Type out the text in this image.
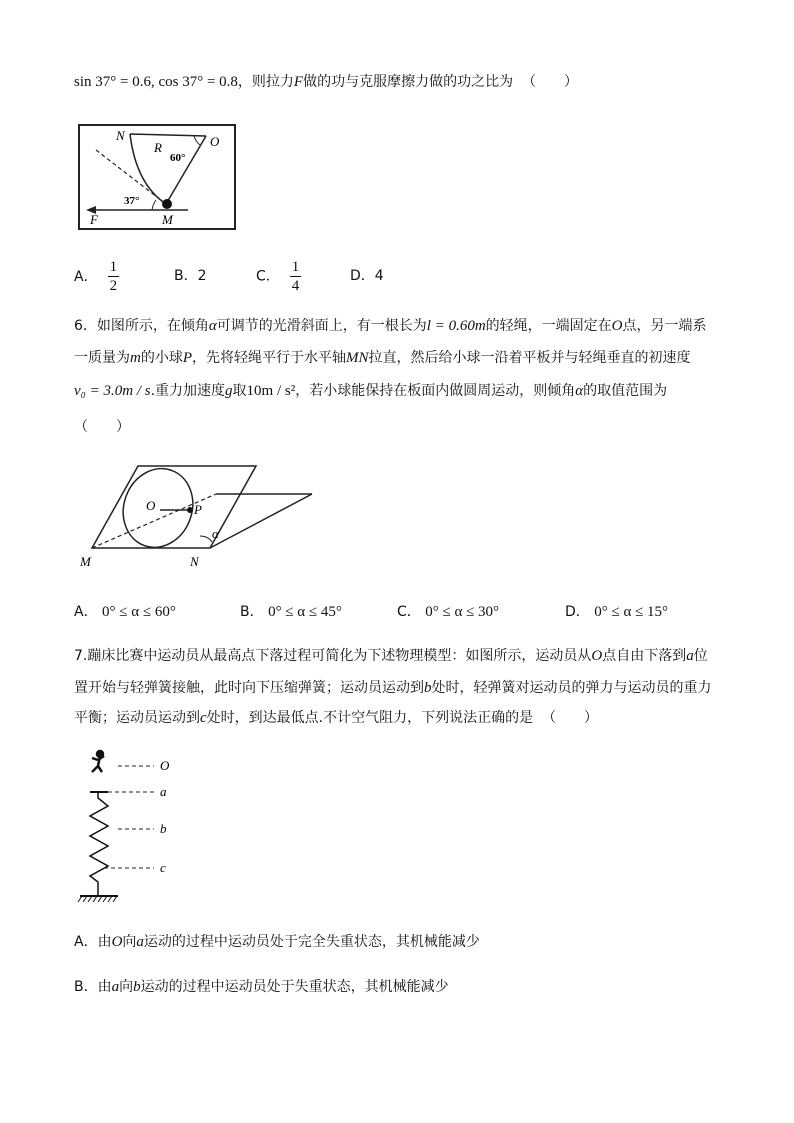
sin 37° = 0.6, cos 37° = 0.8，则拉力F做的功与克服摩擦力做的功之比为 （　　）
N	O
R
60°
37°
F	M
A． $\frac{1}{2}$	B．2	C． $\frac{1}{4}$	D．4
6．如图所示，在倾角α可调节的光滑斜面上，有一根长为l = 0.60m的轻绳，一端固定在O点，另一端系
一质量为m的小球P，先将轻绳平行于水平轴MN拉直，然后给小球一沿着平板并与轻绳垂直的初速度
v₀ = 3.0m / s.重力加速度g取10m / s²，若小球能保持在板面内做圆周运动，则倾角α的取值范围为
（　　）
O	P
α
M	N
A． 0° ≤ α ≤ 60°	B． 0° ≤ α ≤ 45°	C． 0° ≤ α ≤ 30°	D． 0° ≤ α ≤ 15°
7.蹦床比赛中运动员从最高点下落过程可简化为下述物理模型：如图所示，运动员从O点自由下落到a位
置开始与轻弹簧接触，此时向下压缩弹簧；运动员运动到b处时，轻弹簧对运动员的弹力与运动员的重力
平衡；运动员运动到c处时，到达最低点.不计空气阻力，下列说法正确的是 （　　）
O
a
b
c
A．由O向a运动的过程中运动员处于完全失重状态，其机械能减少
B．由a向b运动的过程中运动员处于失重状态，其机械能减少
